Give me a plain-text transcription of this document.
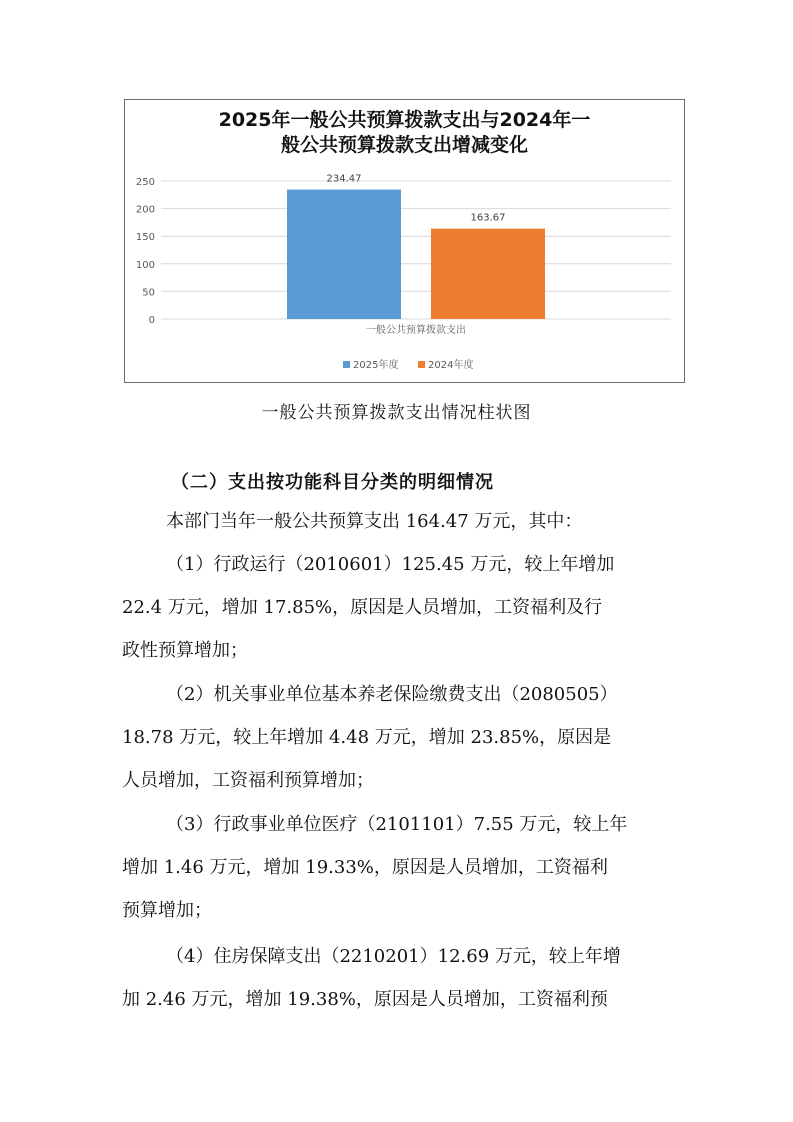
2025年一般公共预算拨款支出与2024年一
般公共预算拨款支出增减变化
0
50
100
150
200
250	234.47
163.67
一般公共预算拨款支出
2025年度	2024年度
一般公共预算拨款支出情况柱状图
（二）支出按功能科目分类的明细情况
本部门当年一般公共预算支出 164.47 万元，其中：
（1）行政运行（2010601）125.45 万元，较上年增加
22.4 万元，增加 17.85%，原因是人员增加，工资福利及行
政性预算增加；
（2）机关事业单位基本养老保险缴费支出（2080505）
18.78 万元，较上年增加 4.48 万元，增加 23.85%，原因是
人员增加，工资福利预算增加；
（3）行政事业单位医疗（2101101）7.55 万元，较上年
增加 1.46 万元，增加 19.33%，原因是人员增加，工资福利
预算增加；
（4）住房保障支出（2210201）12.69 万元，较上年增
加 2.46 万元，增加 19.38%，原因是人员增加，工资福利预
